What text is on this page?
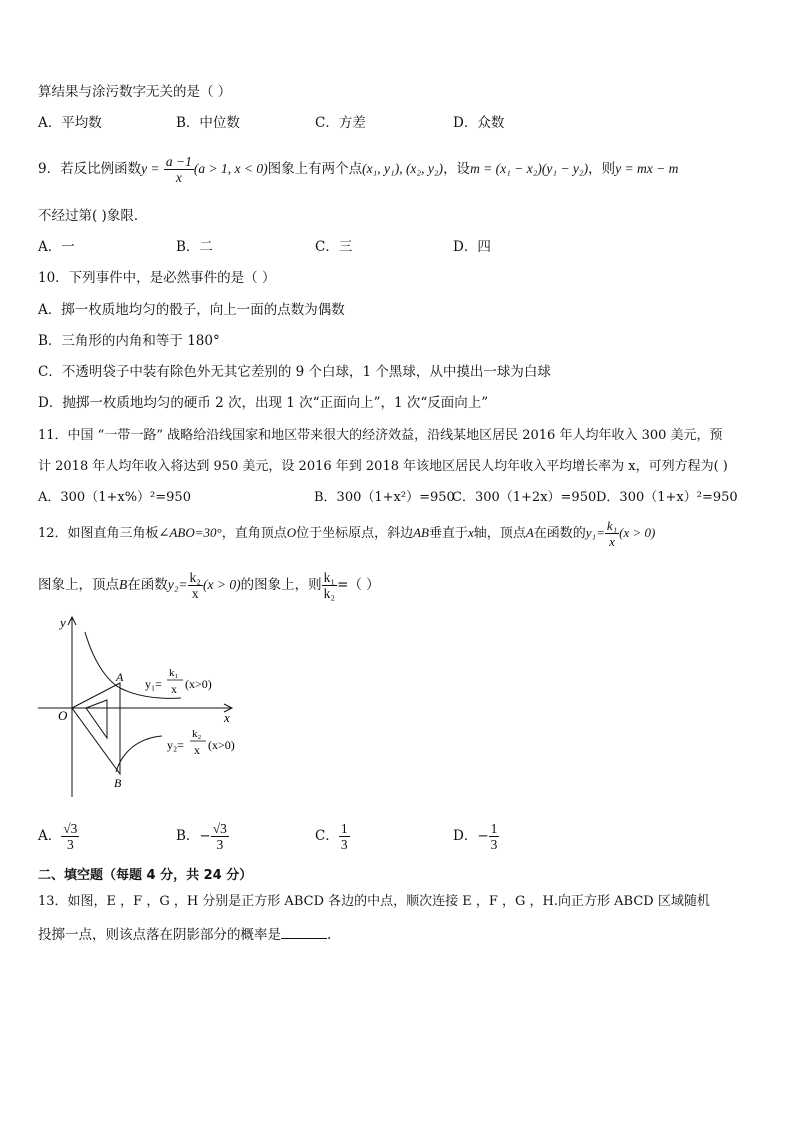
算结果与涂污数字无关的是（ ）
A．平均数	B．中位数	C．方差	D．众数
9．若反比例函数$y = \frac{a -1}{x} (a > 1$, x < 0)图象上有两个点(x₁, y₁), (x₂, y₂)，设m = (x₁ − x₂)(y₁ − y₂)，则y = mx − m
不经过第( )象限．
A．一	B．二	C．三	D．四
10．下列事件中，是必然事件的是（ ）
A．掷一枚质地均匀的骰子，向上一面的点数为偶数
B．三角形的内角和等于 180°
C．不透明袋子中装有除色外无其它差别的 9 个白球，1 个黑球，从中摸出一球为白球
D．抛掷一枚质地均匀的硬币 2 次，出现 1 次“正面向上”，1 次“反面向上”
11．中国 “一带一路” 战略给沿线国家和地区带来很大的经济效益，沿线某地区居民 2016 年人均年收入 300 美元，预
计 2018 年人均年收入将达到 950 美元，设 2016 年到 2018 年该地区居民人均年收入平均增长率为 x，可列方程为( )
A．300（1+x%）²=950	B．300（1+x²）=950
C．300（1+2x）=950 D．300（1+x）²=950
12．如图直角三角板∠ABO=30°，直角顶点O位于坐标原点，斜边AB垂直于x轴，顶点A在函数的$y_1= \frac{\text{k₁}}{x} (x > 0)$
图象上，顶点B在函数$y_2= \frac{\text{k₂}}{x} (x > 0)$的图象上，则 $\frac{\text{k₁}}{\text{k₂}}$ =（ ）
y
x
O
A
B
y₁=
k₁
x (x>0)
y₂=
k₂
x (x>0)
A． $\frac{√3}{3}$	B．− $\frac{√3}{3}$	C． $\frac{1}{3}$	D．− $\frac{1}{3}$
二、填空题（每题 4 分，共 24 分）
13．如图，E ，F ，G ，H 分别是正方形 ABCD 各边的中点，顺次连接 E ，F ，G ，H.向正方形 ABCD 区域随机
投掷一点，则该点落在阴影部分的概率是	.
